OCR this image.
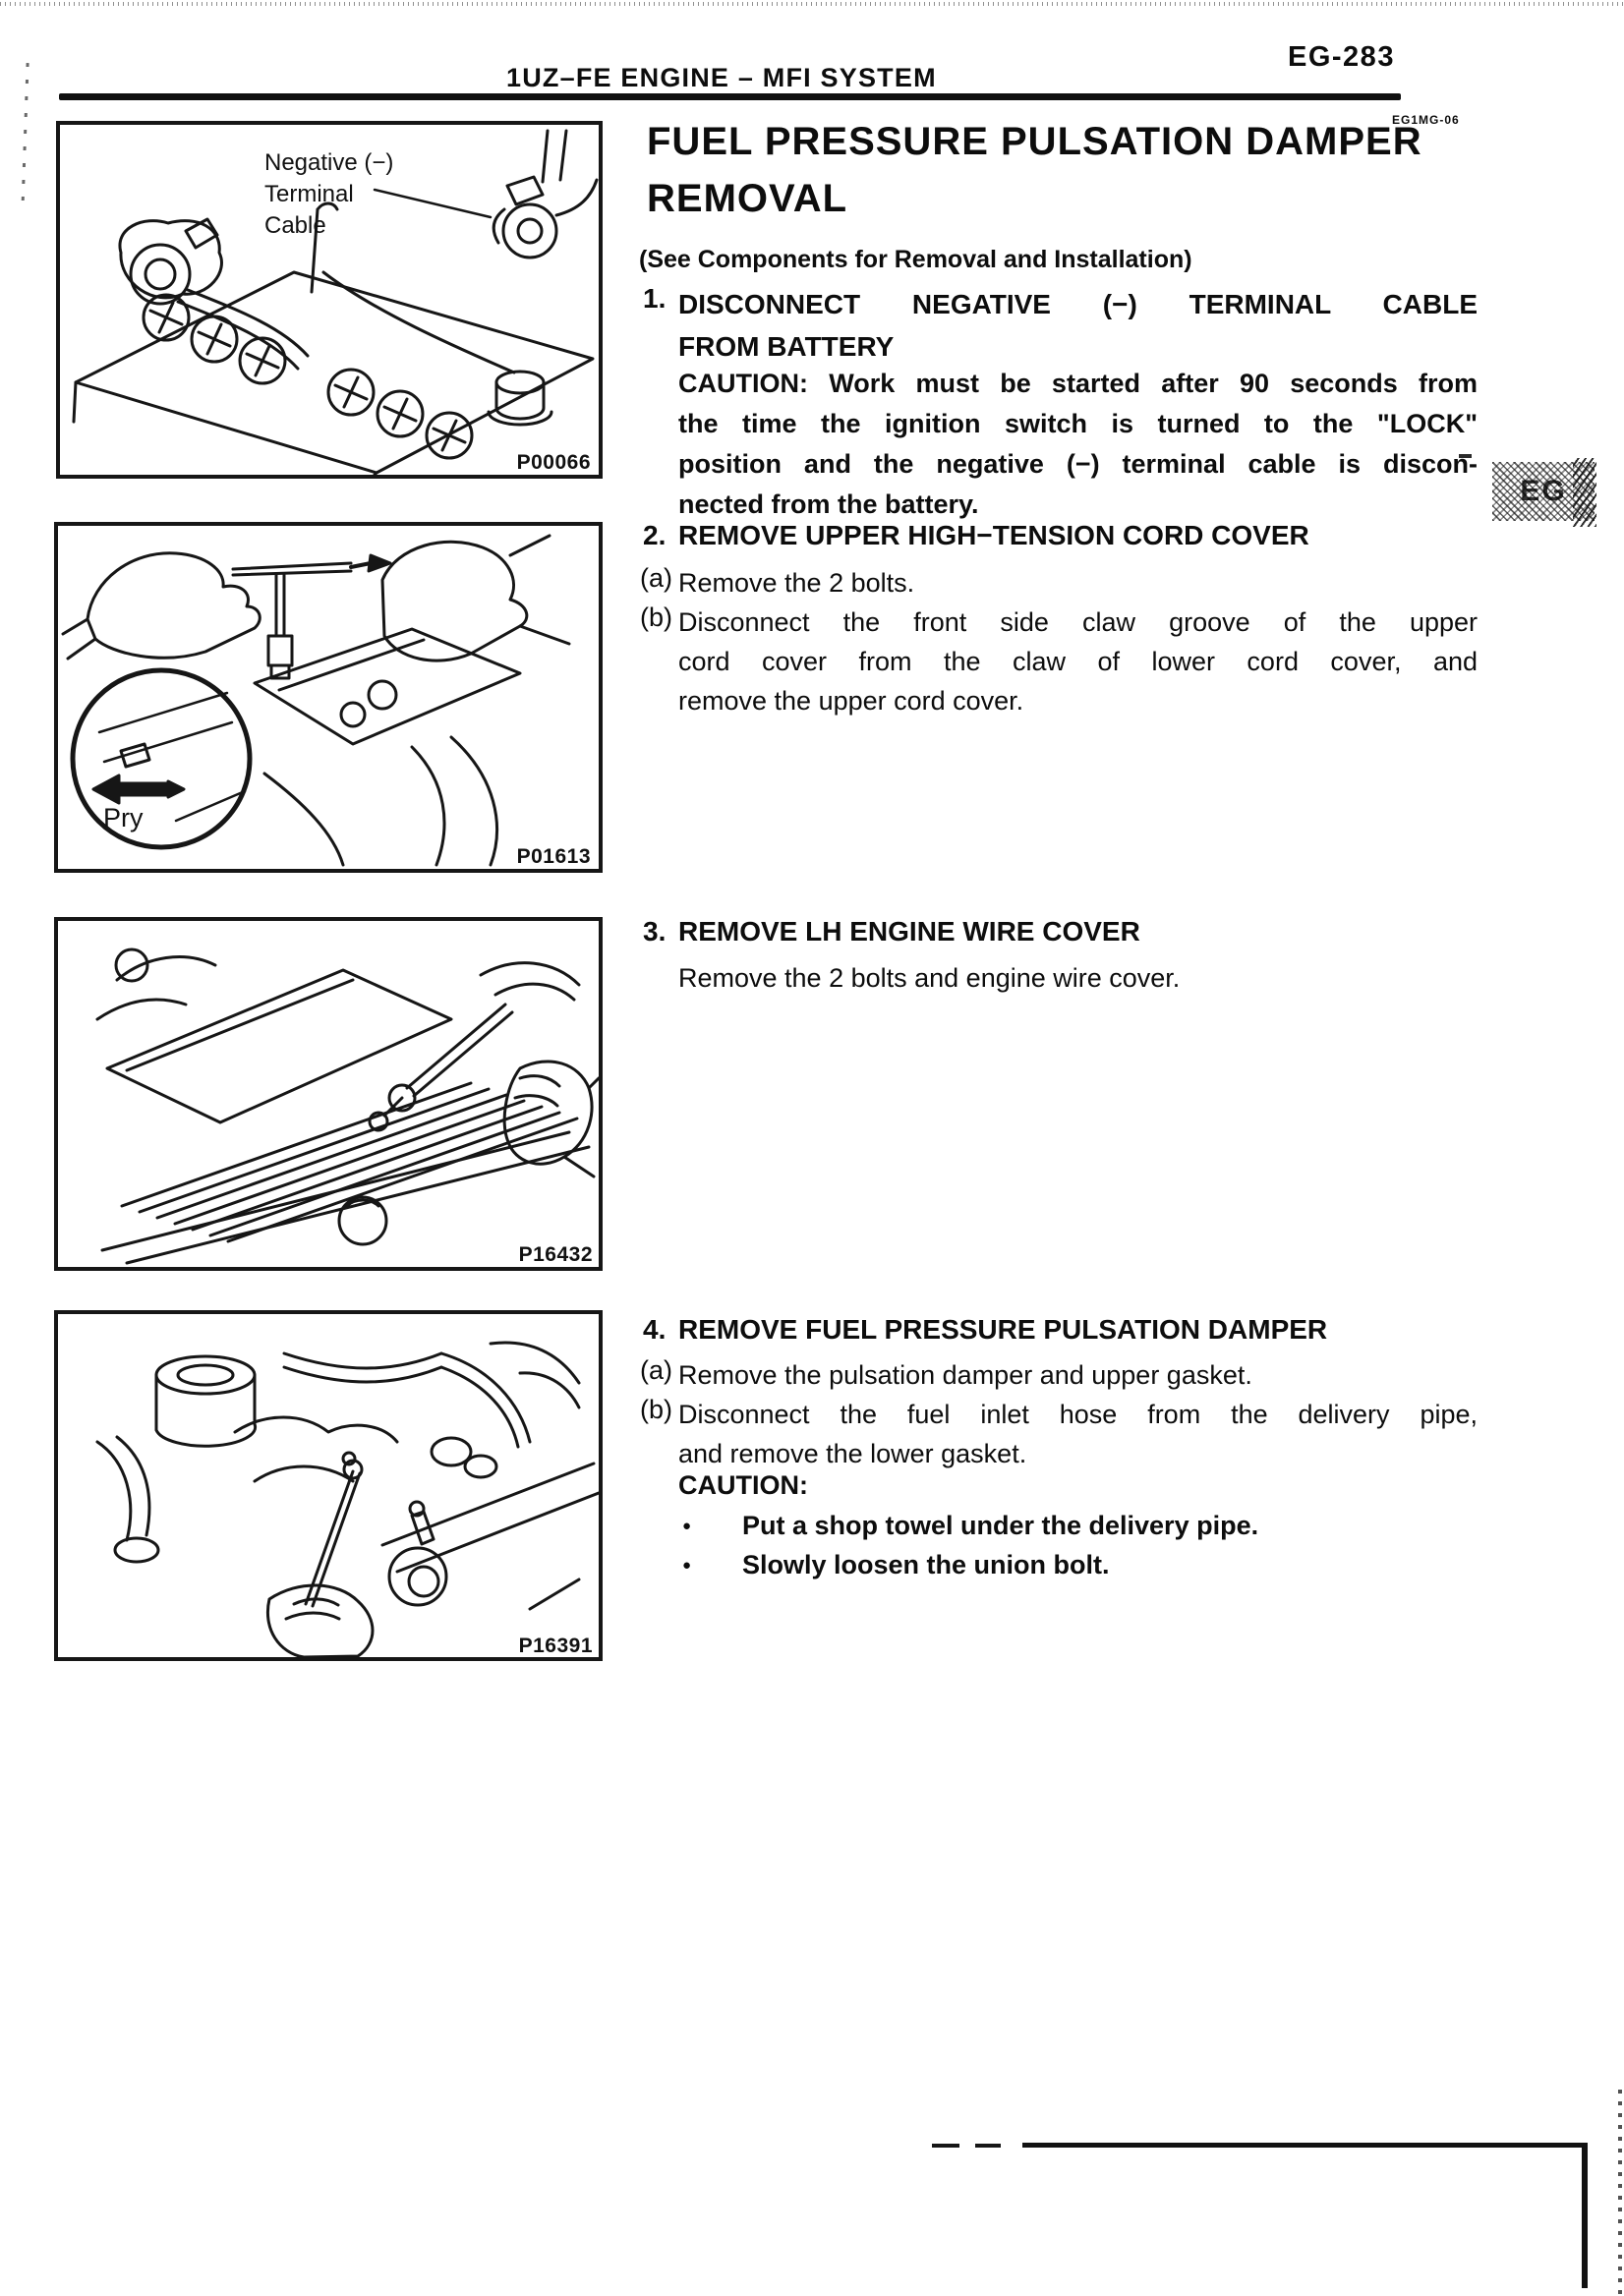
1UZ–FE ENGINE – MFI SYSTEM
EG-283
EG1MG-06
EG
FUEL PRESSURE PULSATION DAMPER
REMOVAL
(See Components for Removal and Installation)
1. DISCONNECT NEGATIVE (−) TERMINAL CABLE
FROM BATTERY
CAUTION: Work must be started after 90 seconds from
the time the ignition switch is turned to the "LOCK"
position and the negative (−) terminal cable is discon-
nected from the battery.
2. REMOVE UPPER HIGH−TENSION CORD COVER
(a) Remove the 2 bolts.
(b) Disconnect the front side claw groove of the upper
cord cover from the claw of lower cord cover, and
remove the upper cord cover.
3. REMOVE LH ENGINE WIRE COVER
Remove the 2 bolts and engine wire cover.
4. REMOVE FUEL PRESSURE PULSATION DAMPER
(a) Remove the pulsation damper and upper gasket.
(b) Disconnect the fuel inlet hose from the delivery pipe,
and remove the lower gasket.
CAUTION:
● Put a shop towel under the delivery pipe.
● Slowly loosen the union bolt.
Negative (−)
Terminal
Cable
P00066
Pry
P01613
P16432
P16391
